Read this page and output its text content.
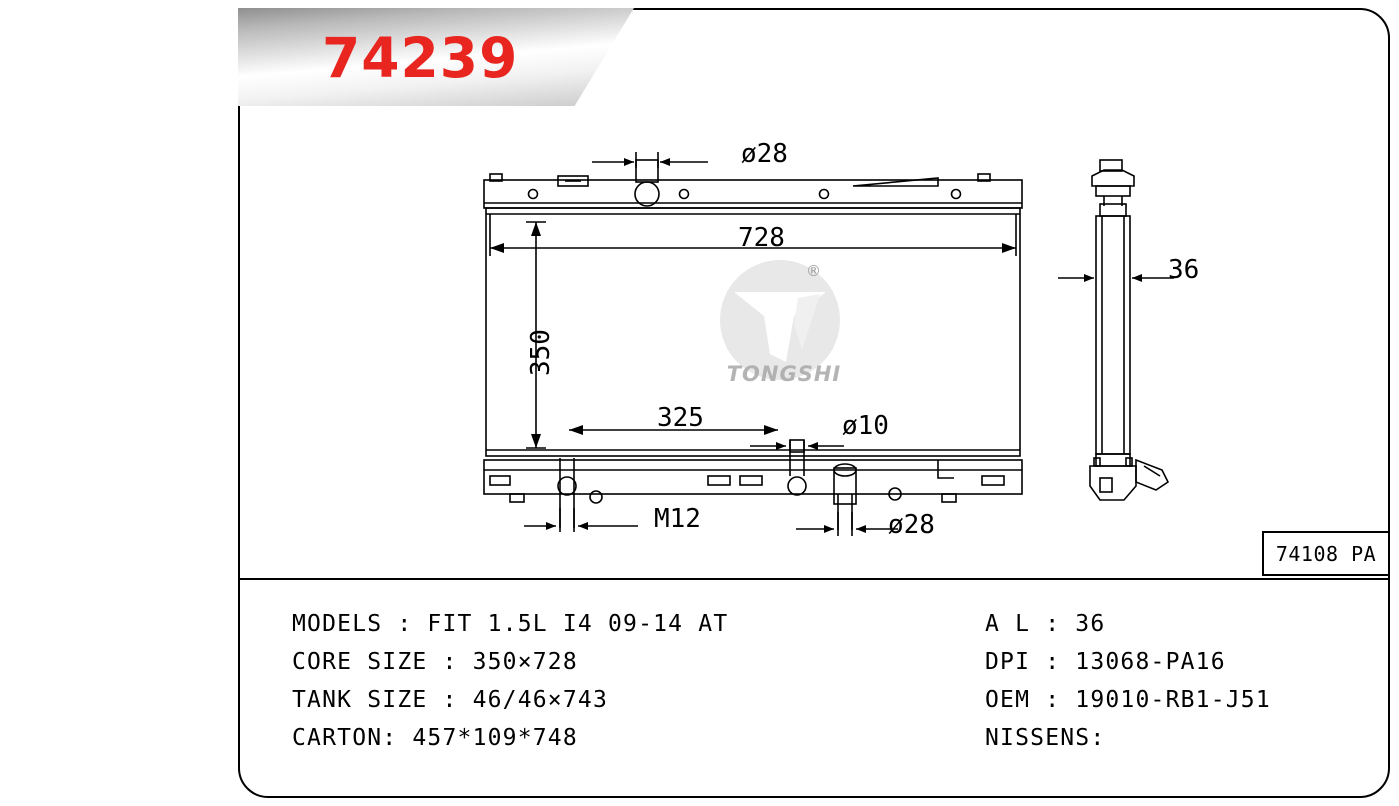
74239
ø28
728
350
325	ø10
M12	ø28
36
®
TONGSHI
74108 PA
MODELS : FIT 1.5L I4 09-14 AT
CORE SIZE : 350×728
TANK SIZE : 46/46×743
CARTON: 457*109*748
A L : 36
DPI : 13068-PA16
OEM : 19010-RB1-J51
NISSENS:
